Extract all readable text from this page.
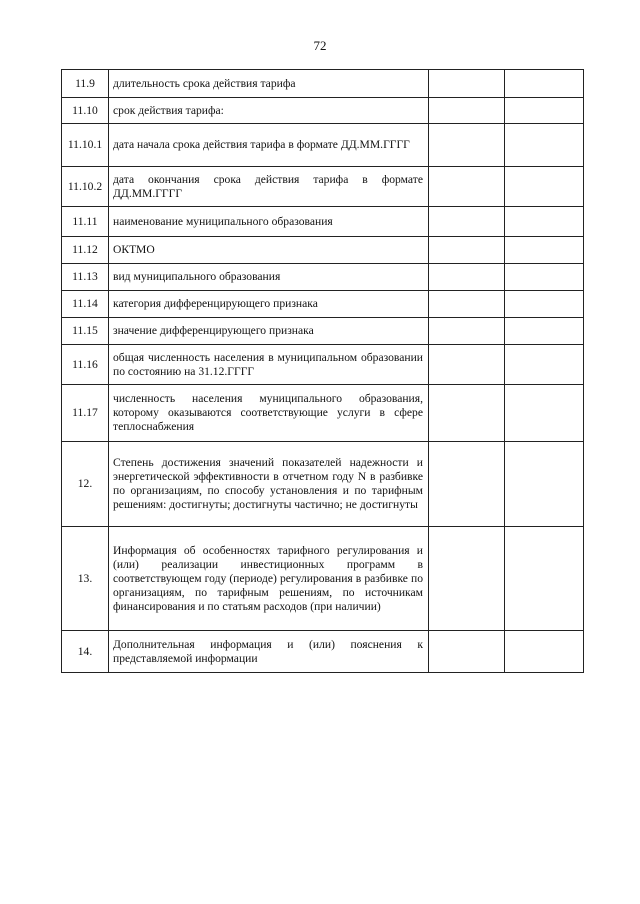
72
11.9	длительность срока действия тарифа		
11.10	срок действия тарифа:		
11.10.1	дата начала срока действия тарифа в формате ДД.ММ.ГГГГ		
11.10.2	дата окончания срока действия тарифа в формате ДД.ММ.ГГГГ		
11.11	наименование муниципального образования		
11.12	ОКТМО		
11.13	вид муниципального образования		
11.14	категория дифференцирующего признака		
11.15	значение дифференцирующего признака		
11.16	общая численность населения в муниципальном образовании по состоянию на 31.12.ГГГГ		
11.17	численность населения муниципального образования, которому оказываются соответствующие услуги в сфере теплоснабжения		
12.	Степень достижения значений показателей надежности и энергетической эффективности в отчетном году N в разбивке по организациям, по способу установления и по тарифным решениям: достигнуты; достигнуты частично; не достигнуты		
13.	Информация об особенностях тарифного регулирования и (или) реализации инвестиционных программ в соответствующем году (периоде) регулирования в разбивке по организациям, по тарифным решениям, по источникам финансирования и по статьям расходов (при наличии)		
14.	Дополнительная информация и (или) пояснения к представляемой информации		
